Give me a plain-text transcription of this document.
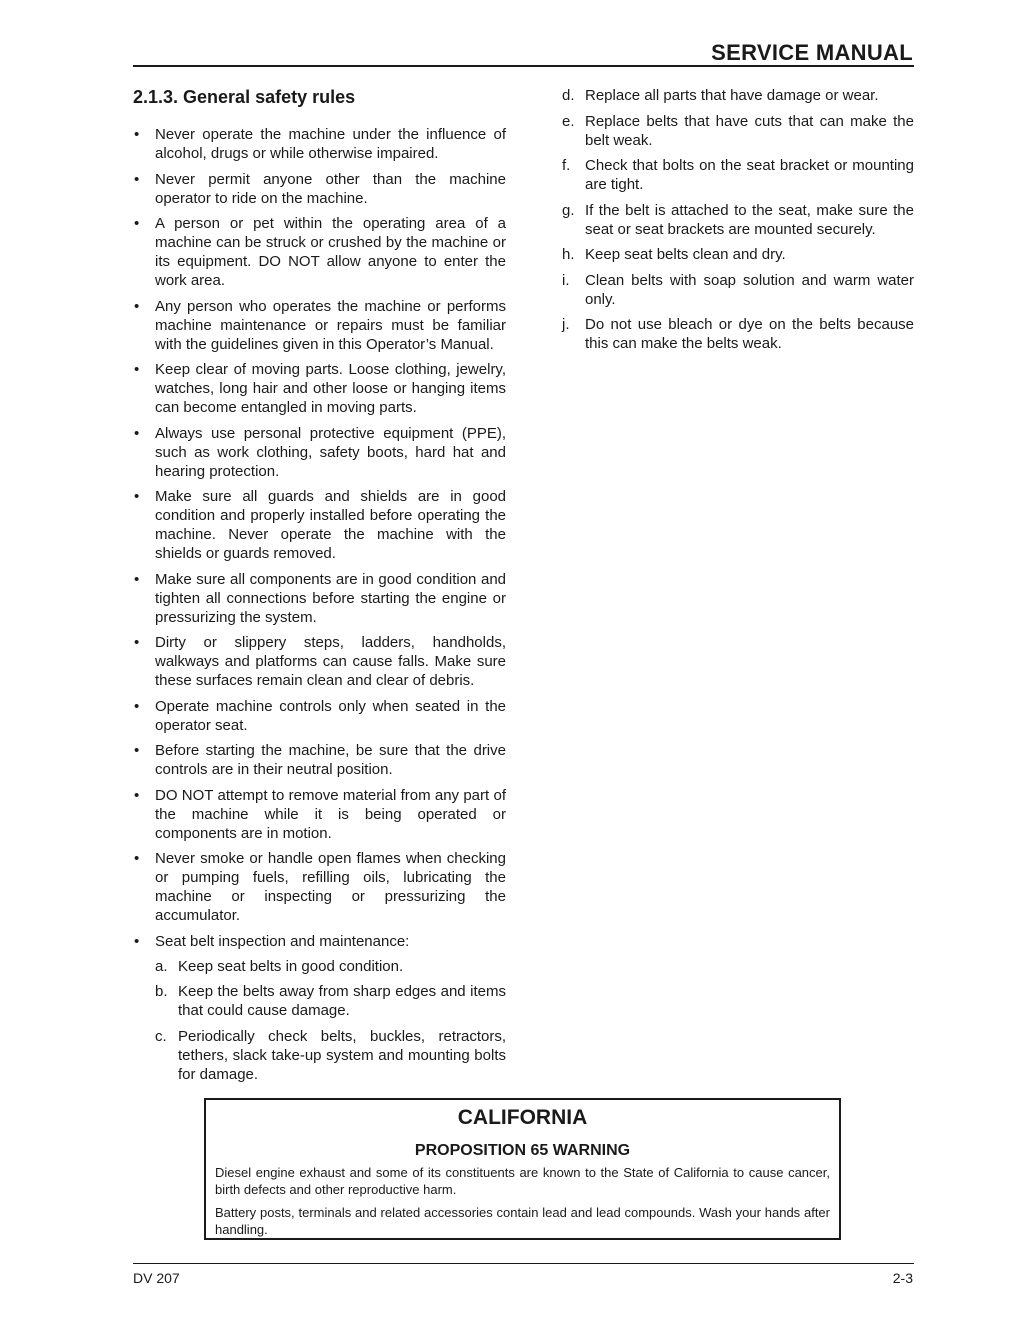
SERVICE MANUAL
2.1.3. General safety rules
• Never operate the machine under the influence of alcohol, drugs or while otherwise impaired.
• Never permit anyone other than the machine operator to ride on the machine.
• A person or pet within the operating area of a machine can be struck or crushed by the machine or its equipment. DO NOT allow anyone to enter the work area.
• Any person who operates the machine or performs machine maintenance or repairs must be familiar with the guidelines given in this Operator’s Manual.
• Keep clear of moving parts. Loose clothing, jewelry, watches, long hair and other loose or hanging items can become entangled in moving parts.
• Always use personal protective equipment (PPE), such as work clothing, safety boots, hard hat and hearing protection.
• Make sure all guards and shields are in good condition and properly installed before operating the machine. Never operate the machine with the shields or guards removed.
• Make sure all components are in good condition and tighten all connections before starting the engine or pressurizing the system.
• Dirty or slippery steps, ladders, handholds, walkways and platforms can cause falls. Make sure these surfaces remain clean and clear of debris.
• Operate machine controls only when seated in the operator seat.
• Before starting the machine, be sure that the drive controls are in their neutral position.
• DO NOT attempt to remove material from any part of the machine while it is being operated or components are in motion.
• Never smoke or handle open flames when checking or pumping fuels, refilling oils, lubricating the machine or inspecting or pressurizing the accumulator.
• Seat belt inspection and maintenance:
a. Keep seat belts in good condition.
b. Keep the belts away from sharp edges and items that could cause damage.
c. Periodically check belts, buckles, retractors, tethers, slack take-up system and mounting bolts for damage.
d. Replace all parts that have damage or wear.
e. Replace belts that have cuts that can make the belt weak.
f. Check that bolts on the seat bracket or mounting are tight.
g. If the belt is attached to the seat, make sure the seat or seat brackets are mounted securely.
h. Keep seat belts clean and dry.
i. Clean belts with soap solution and warm water only.
j. Do not use bleach or dye on the belts because this can make the belts weak.

CALIFORNIA

PROPOSITION 65 WARNING

Diesel engine exhaust and some of its constituents are known to the State of California to cause cancer, birth defects and other reproductive harm.

Battery posts, terminals and related accessories contain lead and lead compounds. Wash your hands after handling.

DV 207	2-3
